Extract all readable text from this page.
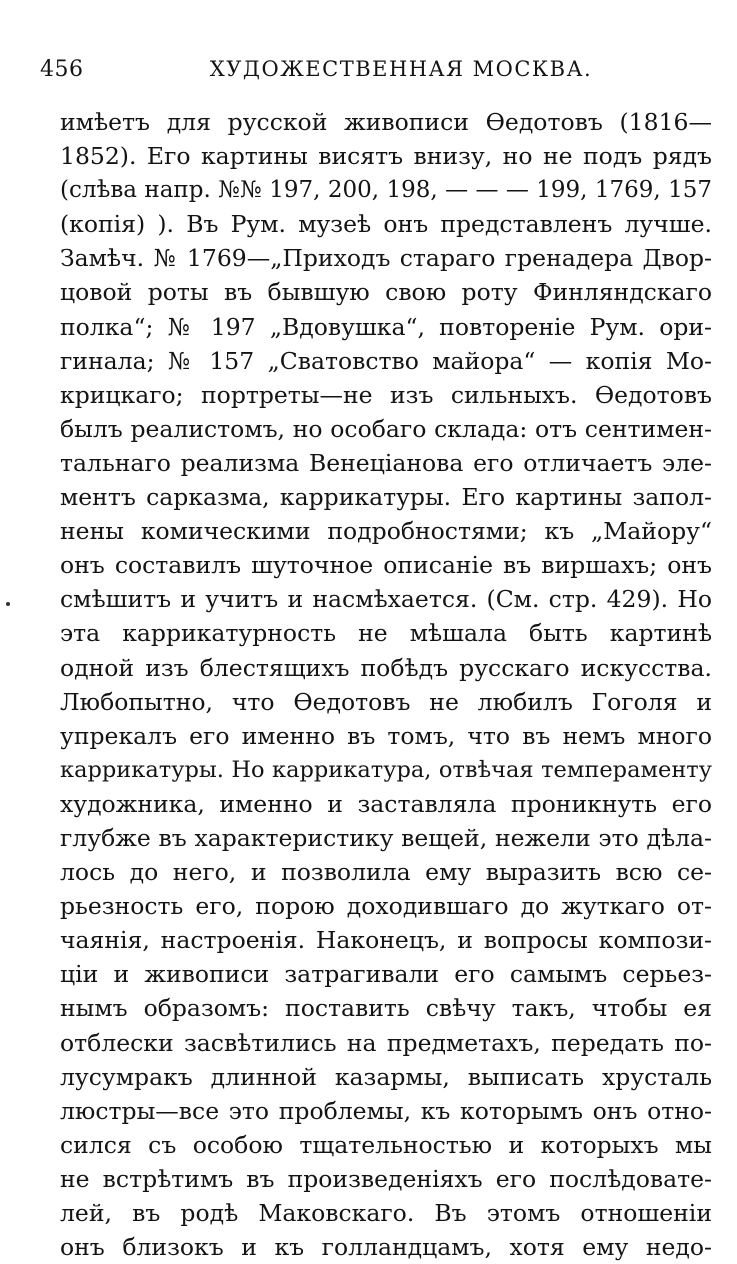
456	ХУДОЖЕСТВЕННАЯ МОСКВА.
имѣетъ для русской живописи Ѳедотовъ (1816—
1852). Его картины висятъ внизу, но не подъ рядъ
(слѣва напр. №№ 197, 200, 198, — — — 199, 1769, 157
(копія) ). Въ Рум. музеѣ онъ представленъ лучше.
Замѣч. № 1769—„Приходъ стараго гренадера Двор-
цовой роты въ бывшую свою роту Финляндскаго
полка“; № 197 „Вдовушка“, повтореніе Рум. ори-
гинала; № 157 „Сватовство майора“ — копія Мо-
крицкаго; портреты—не изъ сильныхъ. Ѳедотовъ
былъ реалистомъ, но особаго склада: отъ сентимен-
тальнаго реализма Венеціанова его отличаетъ эле-
ментъ сарказма, каррикатуры. Его картины запол-
нены комическими подробностями; къ „Майору“
онъ составилъ шуточное описаніе въ виршахъ; онъ
смѣшитъ и учитъ и насмѣхается. (См. стр. 429). Но
эта каррикатурность не мѣшала быть картинѣ
одной изъ блестящихъ побѣдъ русскаго искусства.
Любопытно, что Ѳедотовъ не любилъ Гоголя и
упрекалъ его именно въ томъ, что въ немъ много
каррикатуры. Но каррикатура, отвѣчая темпераменту
художника, именно и заставляла проникнуть его
глубже въ характеристику вещей, нежели это дѣла-
лось до него, и позволила ему выразить всю се-
рьезность его, порою доходившаго до жуткаго от-
чаянія, настроенія. Наконецъ, и вопросы компози-
ціи и живописи затрагивали его самымъ серьез-
нымъ образомъ: поставить свѣчу такъ, чтобы ея
отблески засвѣтились на предметахъ, передать по-
лусумракъ длинной казармы, выписать хрусталь
люстры—все это проблемы, къ которымъ онъ отно-
сился съ особою тщательностью и которыхъ мы
не встрѣтимъ въ произведеніяхъ его послѣдовате-
лей, въ родѣ Маковскаго. Въ этомъ отношеніи
онъ близокъ и къ голландцамъ, хотя ему недо-
